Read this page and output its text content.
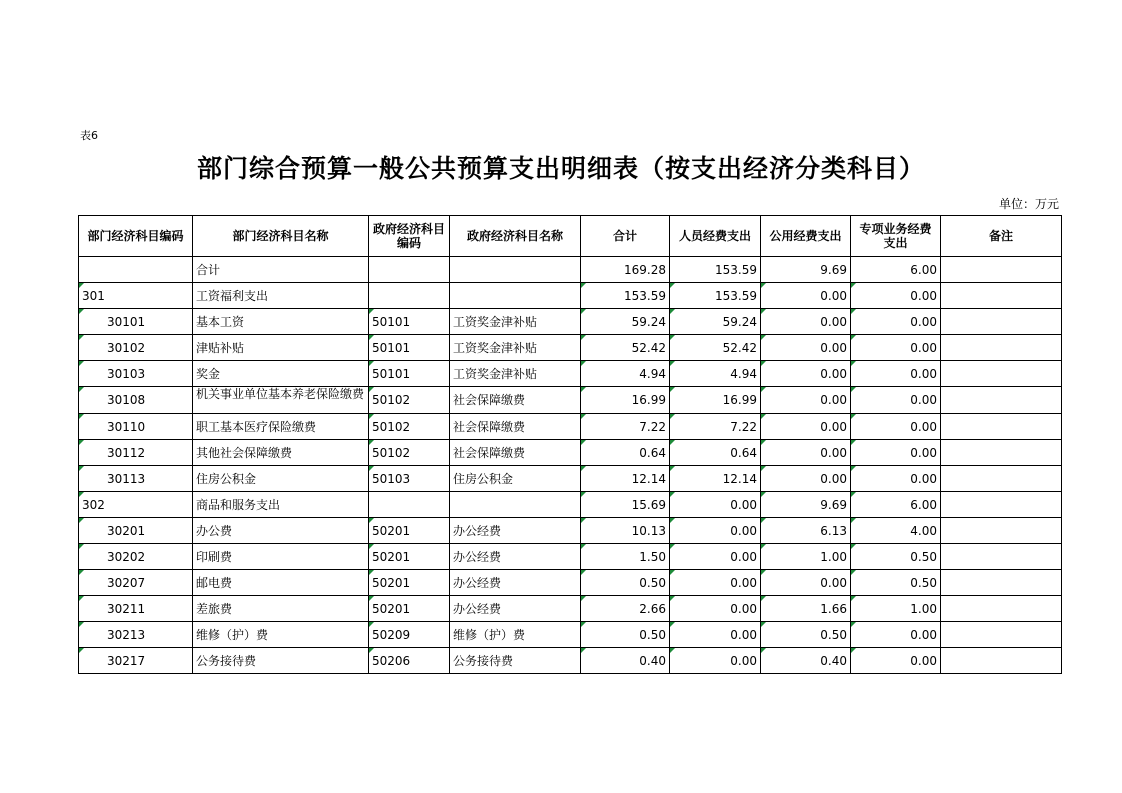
表6
部门综合预算一般公共预算支出明细表（按支出经济分类科目）
单位：万元
部门经济科目编码	部门经济科目名称	政府经济科目编码	政府经济科目名称	合计	人员经费支出	公用经费支出	专项业务经费支出	备注
	合计			169.28	153.59	9.69	6.00	
301	工资福利支出			153.59	153.59	0.00	0.00	
30101	基本工资	50101	工资奖金津补贴	59.24	59.24	0.00	0.00	
30102	津贴补贴	50101	工资奖金津补贴	52.42	52.42	0.00	0.00	
30103	奖金	50101	工资奖金津补贴	4.94	4.94	0.00	0.00	
30108	机关事业单位基本养老保险缴费	50102	社会保障缴费	16.99	16.99	0.00	0.00	
30110	职工基本医疗保险缴费	50102	社会保障缴费	7.22	7.22	0.00	0.00	
30112	其他社会保障缴费	50102	社会保障缴费	0.64	0.64	0.00	0.00	
30113	住房公积金	50103	住房公积金	12.14	12.14	0.00	0.00	
302	商品和服务支出			15.69	0.00	9.69	6.00	
30201	办公费	50201	办公经费	10.13	0.00	6.13	4.00	
30202	印刷费	50201	办公经费	1.50	0.00	1.00	0.50	
30207	邮电费	50201	办公经费	0.50	0.00	0.00	0.50	
30211	差旅费	50201	办公经费	2.66	0.00	1.66	1.00	
30213	维修（护）费	50209	维修（护）费	0.50	0.00	0.50	0.00	
30217	公务接待费	50206	公务接待费	0.40	0.00	0.40	0.00	
